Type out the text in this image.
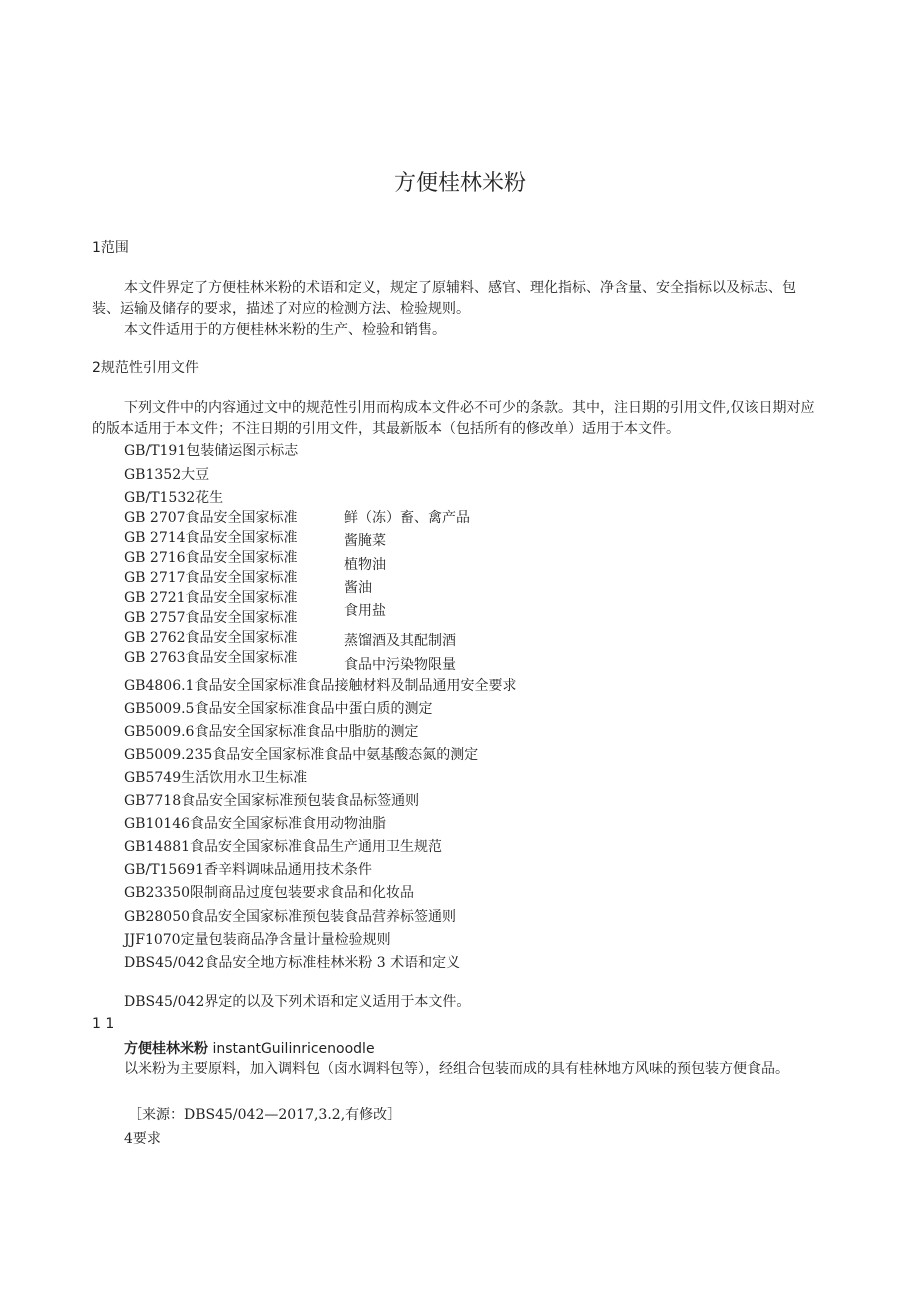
方便桂林米粉
1范围
本文件界定了方便桂林米粉的术语和定义，规定了原辅料、感官、理化指标、净含量、安全指标以及标志、包装、运输及储存的要求，描述了对应的检测方法、检验规则。
本文件适用于的方便桂林米粉的生产、检验和销售。
2规范性引用文件
下列文件中的内容通过文中的规范性引用而构成本文件必不可少的条款。其中，注日期的引用文件,仅该日期对应的版本适用于本文件；不注日期的引用文件，其最新版本（包括所有的修改单）适用于本文件。
GB/T191包装储运图示标志
GB1352大豆
GB/T1532花生
GB 2707食品安全国家标准
GB 2714食品安全国家标准
GB 2716食品安全国家标准
GB 2717食品安全国家标准
GB 2721食品安全国家标准
GB 2757食品安全国家标准
GB 2762食品安全国家标准
GB 2763食品安全国家标准
鲜（冻）畜、禽产品
酱腌菜
植物油
酱油
食用盐
蒸馏酒及其配制酒
食品中污染物限量
GB4806.1食品安全国家标准食品接触材料及制品通用安全要求
GB5009.5食品安全国家标准食品中蛋白质的测定
GB5009.6食品安全国家标准食品中脂肪的测定
GB5009.235食品安全国家标准食品中氨基酸态氮的测定
GB5749生活饮用水卫生标准
GB7718食品安全国家标准预包装食品标签通则
GB10146食品安全国家标准食用动物油脂
GB14881食品安全国家标准食品生产通用卫生规范
GB/T15691香辛料调味品通用技术条件
GB23350限制商品过度包装要求食品和化妆品
GB28050食品安全国家标准预包装食品营养标签通则
JJF1070定量包装商品净含量计量检验规则
DBS45/042食品安全地方标准桂林米粉 3 术语和定义
DBS45/042界定的以及下列术语和定义适用于本文件。
1 1
方便桂林米粉 instantGuilinricenoodle
以米粉为主要原料，加入调料包（卤水调料包等），经组合包装而成的具有桂林地方风味的预包装方便食品。
［来源：DBS45/042—2017,3.2,有修改］
4要求
